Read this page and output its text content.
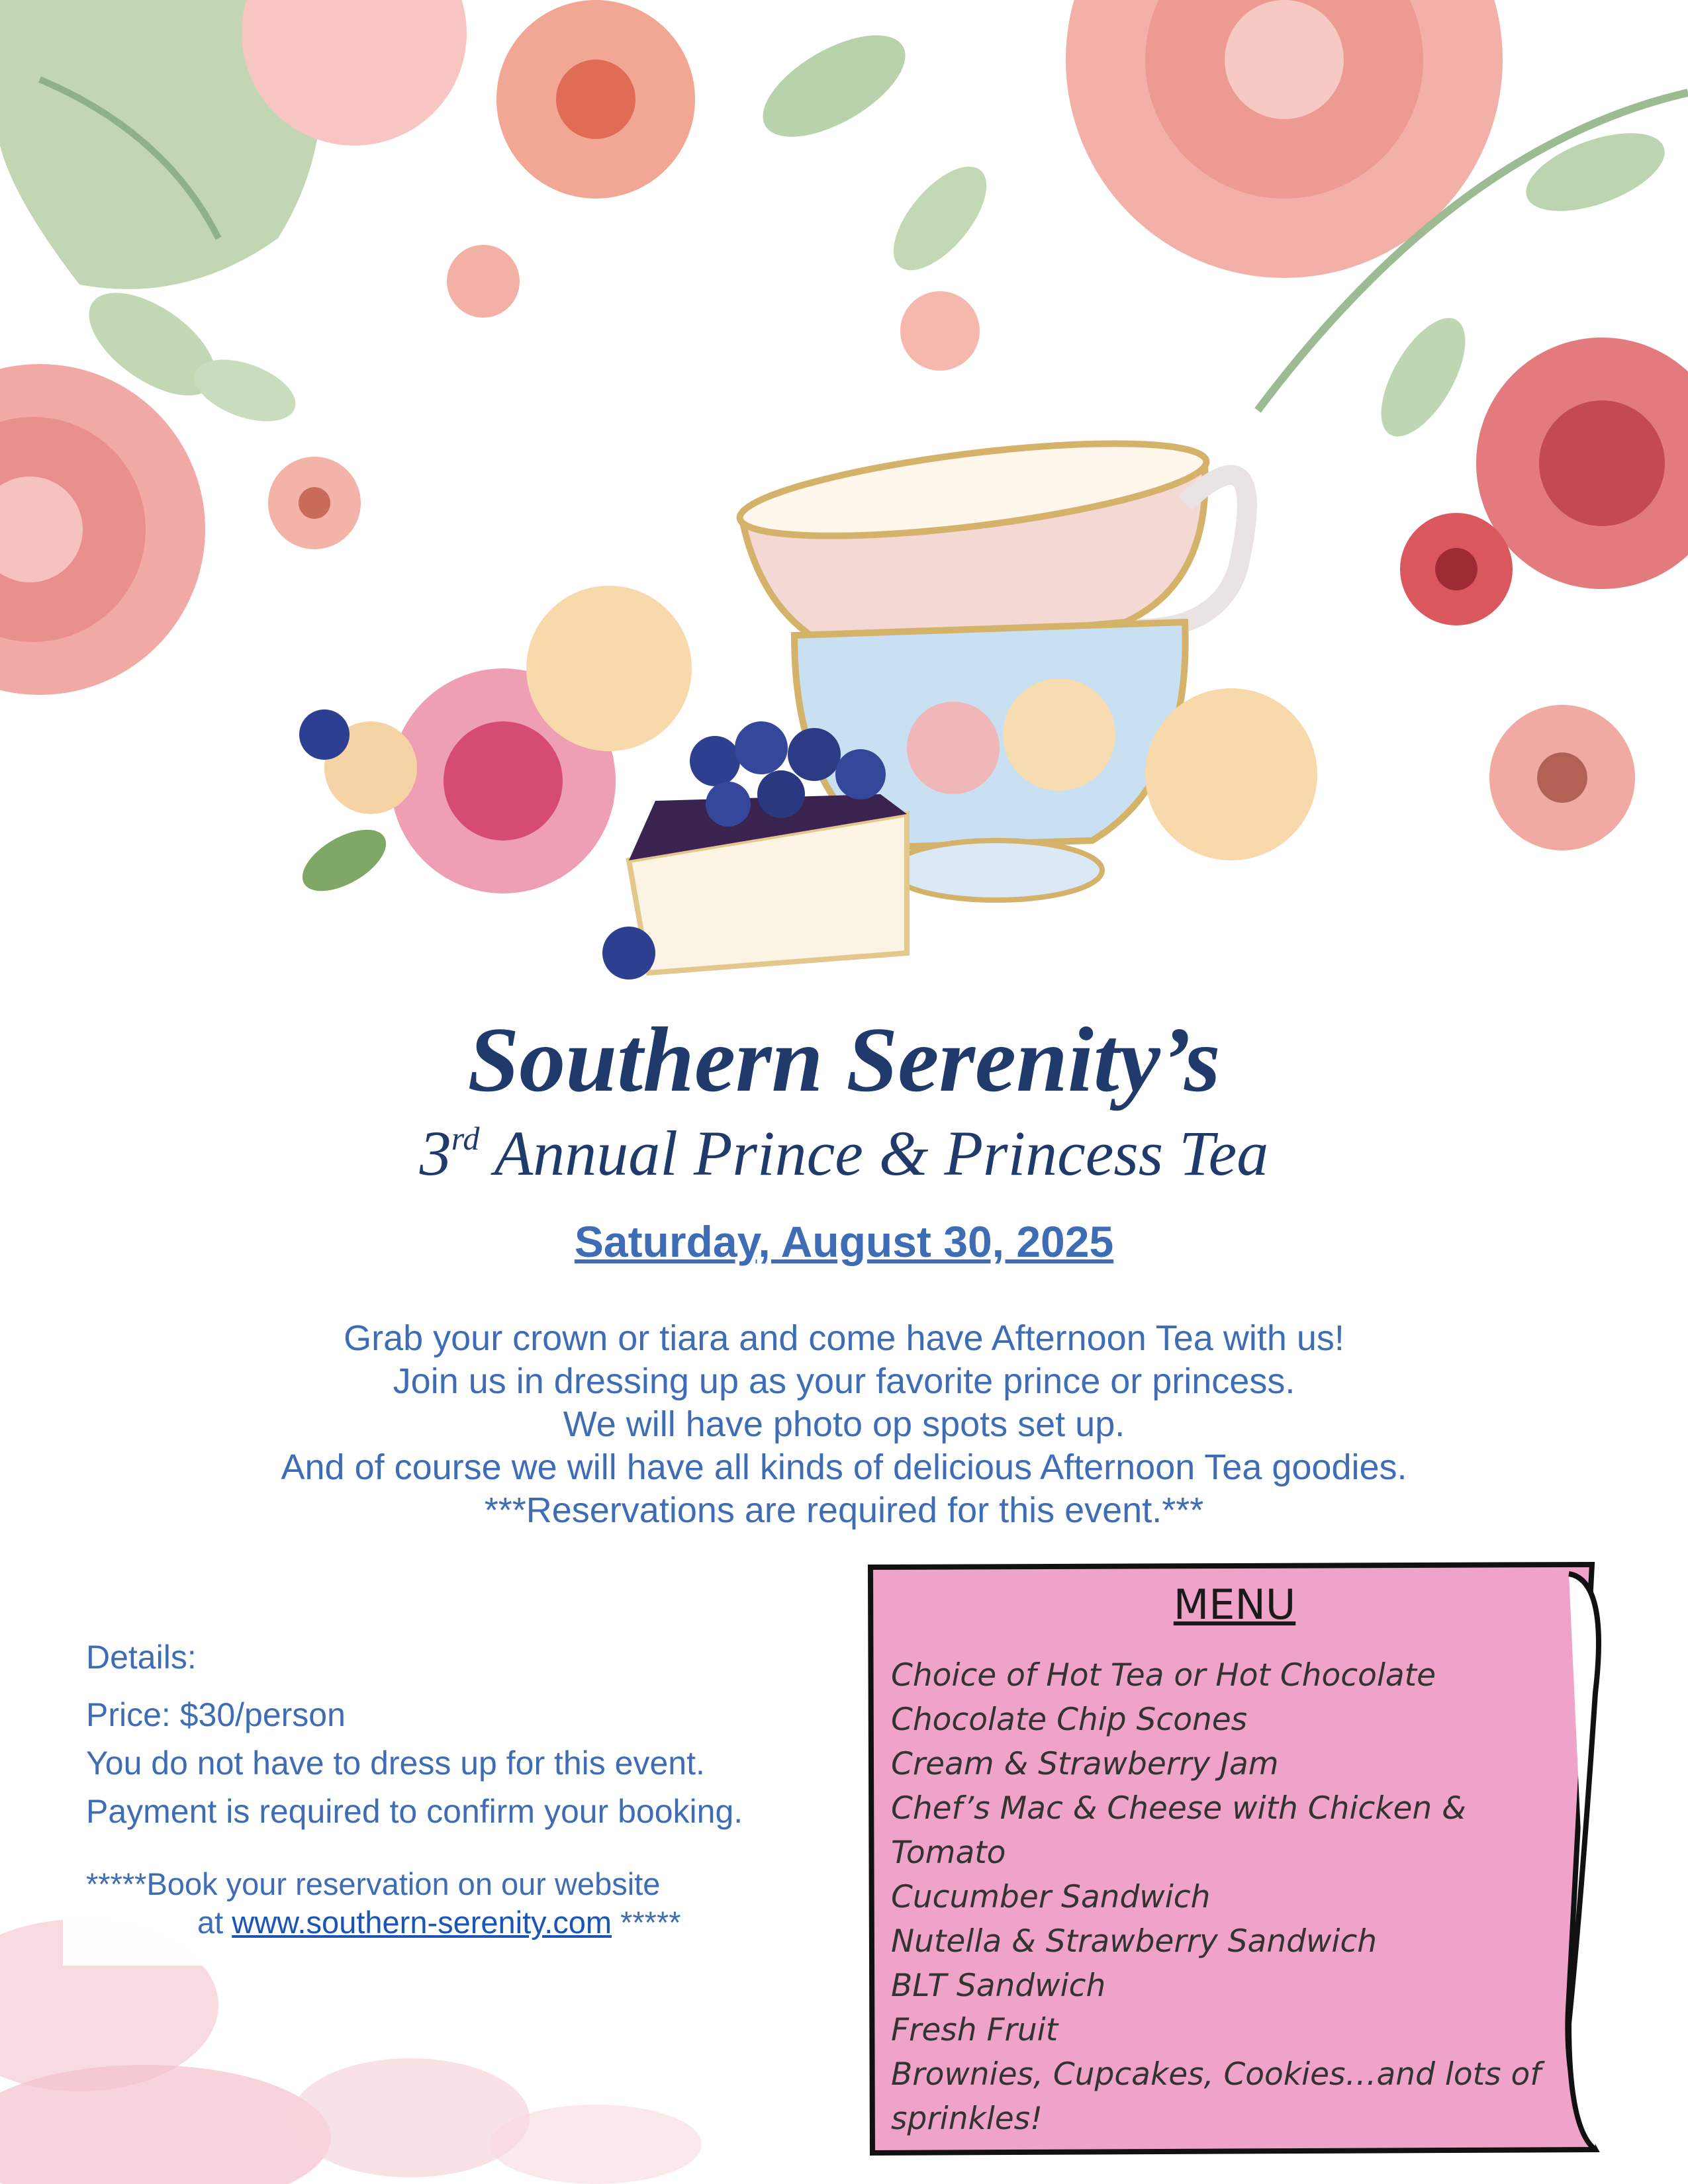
Southern Serenity’s
3rd Annual Prince & Princess Tea
Saturday, August 30, 2025
Grab your crown or tiara and come have Afternoon Tea with us!
Join us in dressing up as your favorite prince or princess.
We will have photo op spots set up.
And of course we will have all kinds of delicious Afternoon Tea goodies.
***Reservations are required for this event.***
Details:
Price: $30/person
You do not have to dress up for this event.
Payment is required to confirm your booking.
*****Book your reservation on our website
at www.southern-serenity.com *****
MENU
Choice of Hot Tea or Hot Chocolate
Chocolate Chip Scones
Cream & Strawberry Jam
Chef’s Mac & Cheese with Chicken & Tomato
Cucumber Sandwich
Nutella & Strawberry Sandwich
BLT Sandwich
Fresh Fruit
Brownies, Cupcakes, Cookies…and lots of
sprinkles!
